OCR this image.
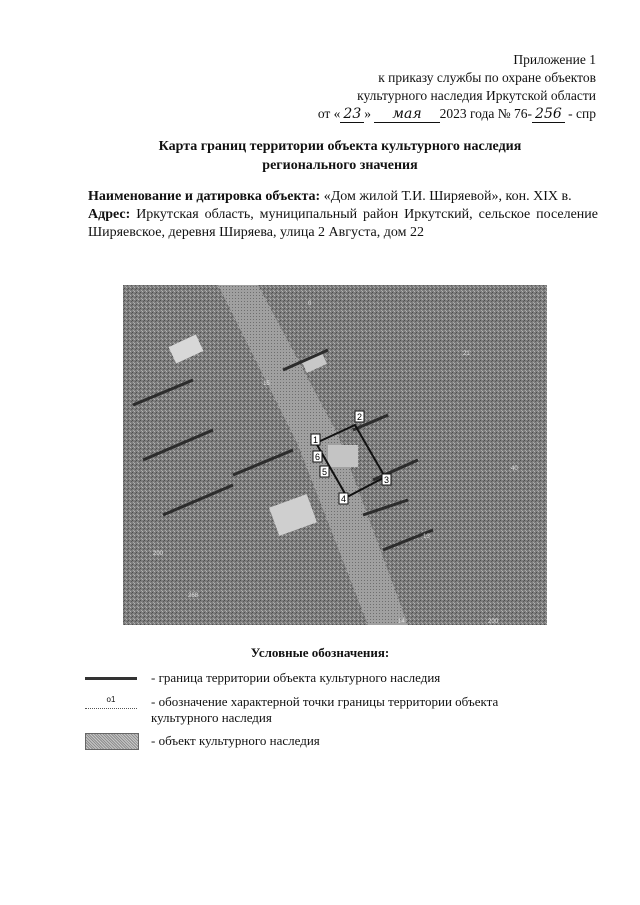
Приложение 1
к приказу службы по охране объектов
культурного наследия Иркутской области
от « 23 » мая 2023 года № 76- 256 - спр
Карта границ территории объекта культурного наследия
регионального значения

Наименование и датировка объекта: «Дом жилой Т.И. Ширяевой», кон. XIX в.

Адрес: Иркутская область, муниципальный район Иркутский, сельское поселение Ширяевское, деревня Ширяева, улица 2 Августа, дом 22

1
2
3
4
5
6
0
21
15
40
200
13
200
14
268
Условные обозначения:
- граница территории объекта культурного наследия
о1	- обозначение характерной точки границы территории объекта культурного наследия
- объект культурного наследия
